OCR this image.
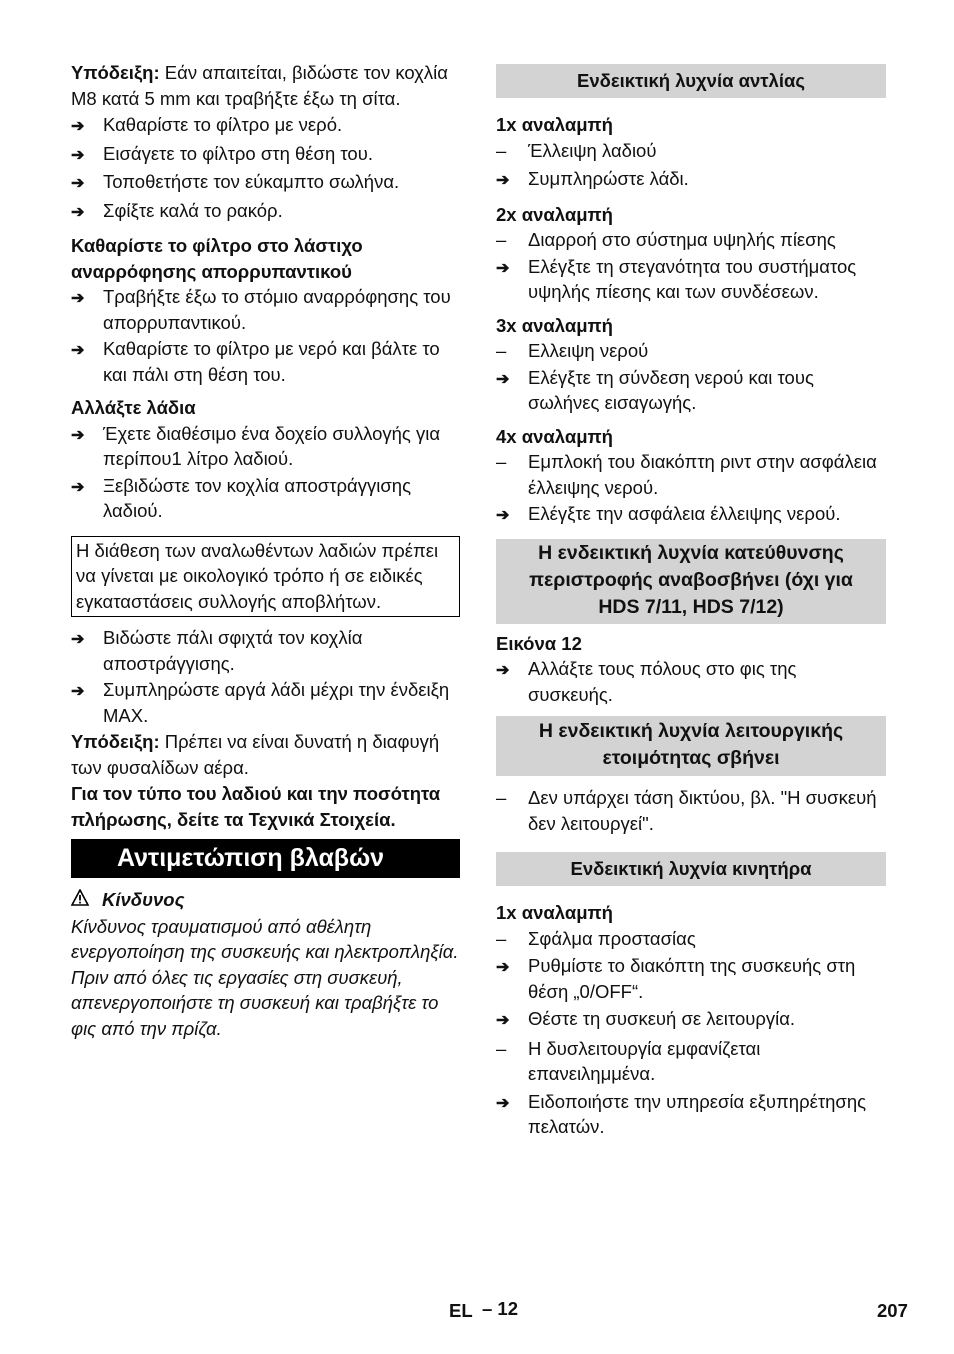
Υπόδειξη: Εάν απαιτείται, βιδώστε τον κοχλία Μ8 κατά 5 mm και τραβήξτε έξω τη σίτα.

➔
Καθαρίστε το φίλτρο με νερό.
➔
Εισάγετε το φίλτρο στη θέση του.
➔
Τοποθετήστε τον εύκαμπτο σωλήνα.
➔
Σφίξτε καλά το ρακόρ.

Καθαρίστε το φίλτρο στο λάστιχο αναρρόφησης απορρυπαντικού

➔
Τραβήξτε έξω το στόμιο αναρρόφησης του απορρυπαντικού.
➔
Καθαρίστε το φίλτρο με νερό και βάλτε το και πάλι στη θέση του.

Αλλάξτε λάδια

➔
Έχετε διαθέσιμο ένα δοχείο συλλογής για περίπου1 λίτρο λαδιού.
➔
Ξεβιδώστε τον κοχλία αποστράγγισης λαδιού.
Η διάθεση των αναλωθέντων λαδιών πρέπει να γίνεται με οικολογικό τρόπο ή σε ειδικές εγκαταστάσεις συλλογής αποβλήτων.
➔
Βιδώστε πάλι σφιχτά τον κοχλία αποστράγγισης.
➔
Συμπληρώστε αργά λάδι μέχρι την ένδειξη MAX.

Υπόδειξη: Πρέπει να είναι δυνατή η διαφυγή των φυσαλίδων αέρα.

Για τον τύπο του λαδιού και την ποσότητα πλήρωσης, δείτε τα Τεχνικά Στοιχεία.

Αντιμετώπιση βλαβών

Κίνδυνος

Κίνδυνος τραυματισμού από αθέλητη ενεργοποίηση της συσκευής και ηλεκτροπληξία. Πριν από όλες τις εργασίες στη συσκευή, απενεργοποιήστε τη συσκευή και τραβήξτε το φις από την πρίζα.

Ενδεικτική λυχνία αντλίας

1x αναλαμπή

–
Έλλειψη λαδιού
➔
Συμπληρώστε λάδι.

2x αναλαμπή

–
Διαρροή στο σύστημα υψηλής πίεσης
➔
Ελέγξτε τη στεγανότητα του συστήματος υψηλής πίεσης και των συνδέσεων.

3x αναλαμπή

–
Ελλειψη νερού
➔
Ελέγξτε τη σύνδεση νερού και τους σωλήνες εισαγωγής.

4x αναλαμπή

–
Εμπλοκή του διακόπτη ριντ στην ασφάλεια έλλειψης νερού.
➔
Ελέγξτε την ασφάλεια έλλειψης νερού.
Η ενδεικτική λυχνία κατεύθυνσης περιστροφής αναβοσβήνει (όχι για HDS 7/11, HDS 7/12)

Εικόνα 12

➔
Αλλάξτε τους πόλους στο φις της συσκευής.
Η ενδεικτική λυχνία λειτουργικής ετοιμότητας σβήνει
–
Δεν υπάρχει τάση δικτύου, βλ. "Η συσκευή δεν λειτουργεί".
Ενδεικτική λυχνία κινητήρα

1x αναλαμπή

–
Σφάλμα προστασίας
➔
Ρυθμίστε το διακόπτη της συσκευής στη θέση „0/OFF“.
➔
Θέστε τη συσκευή σε λειτουργία.
–
Η δυσλειτουργία εμφανίζεται επανειλημμένα.
➔
Ειδοποιήστε την υπηρεσία εξυπηρέτησης πελατών.
EL – 12	207
